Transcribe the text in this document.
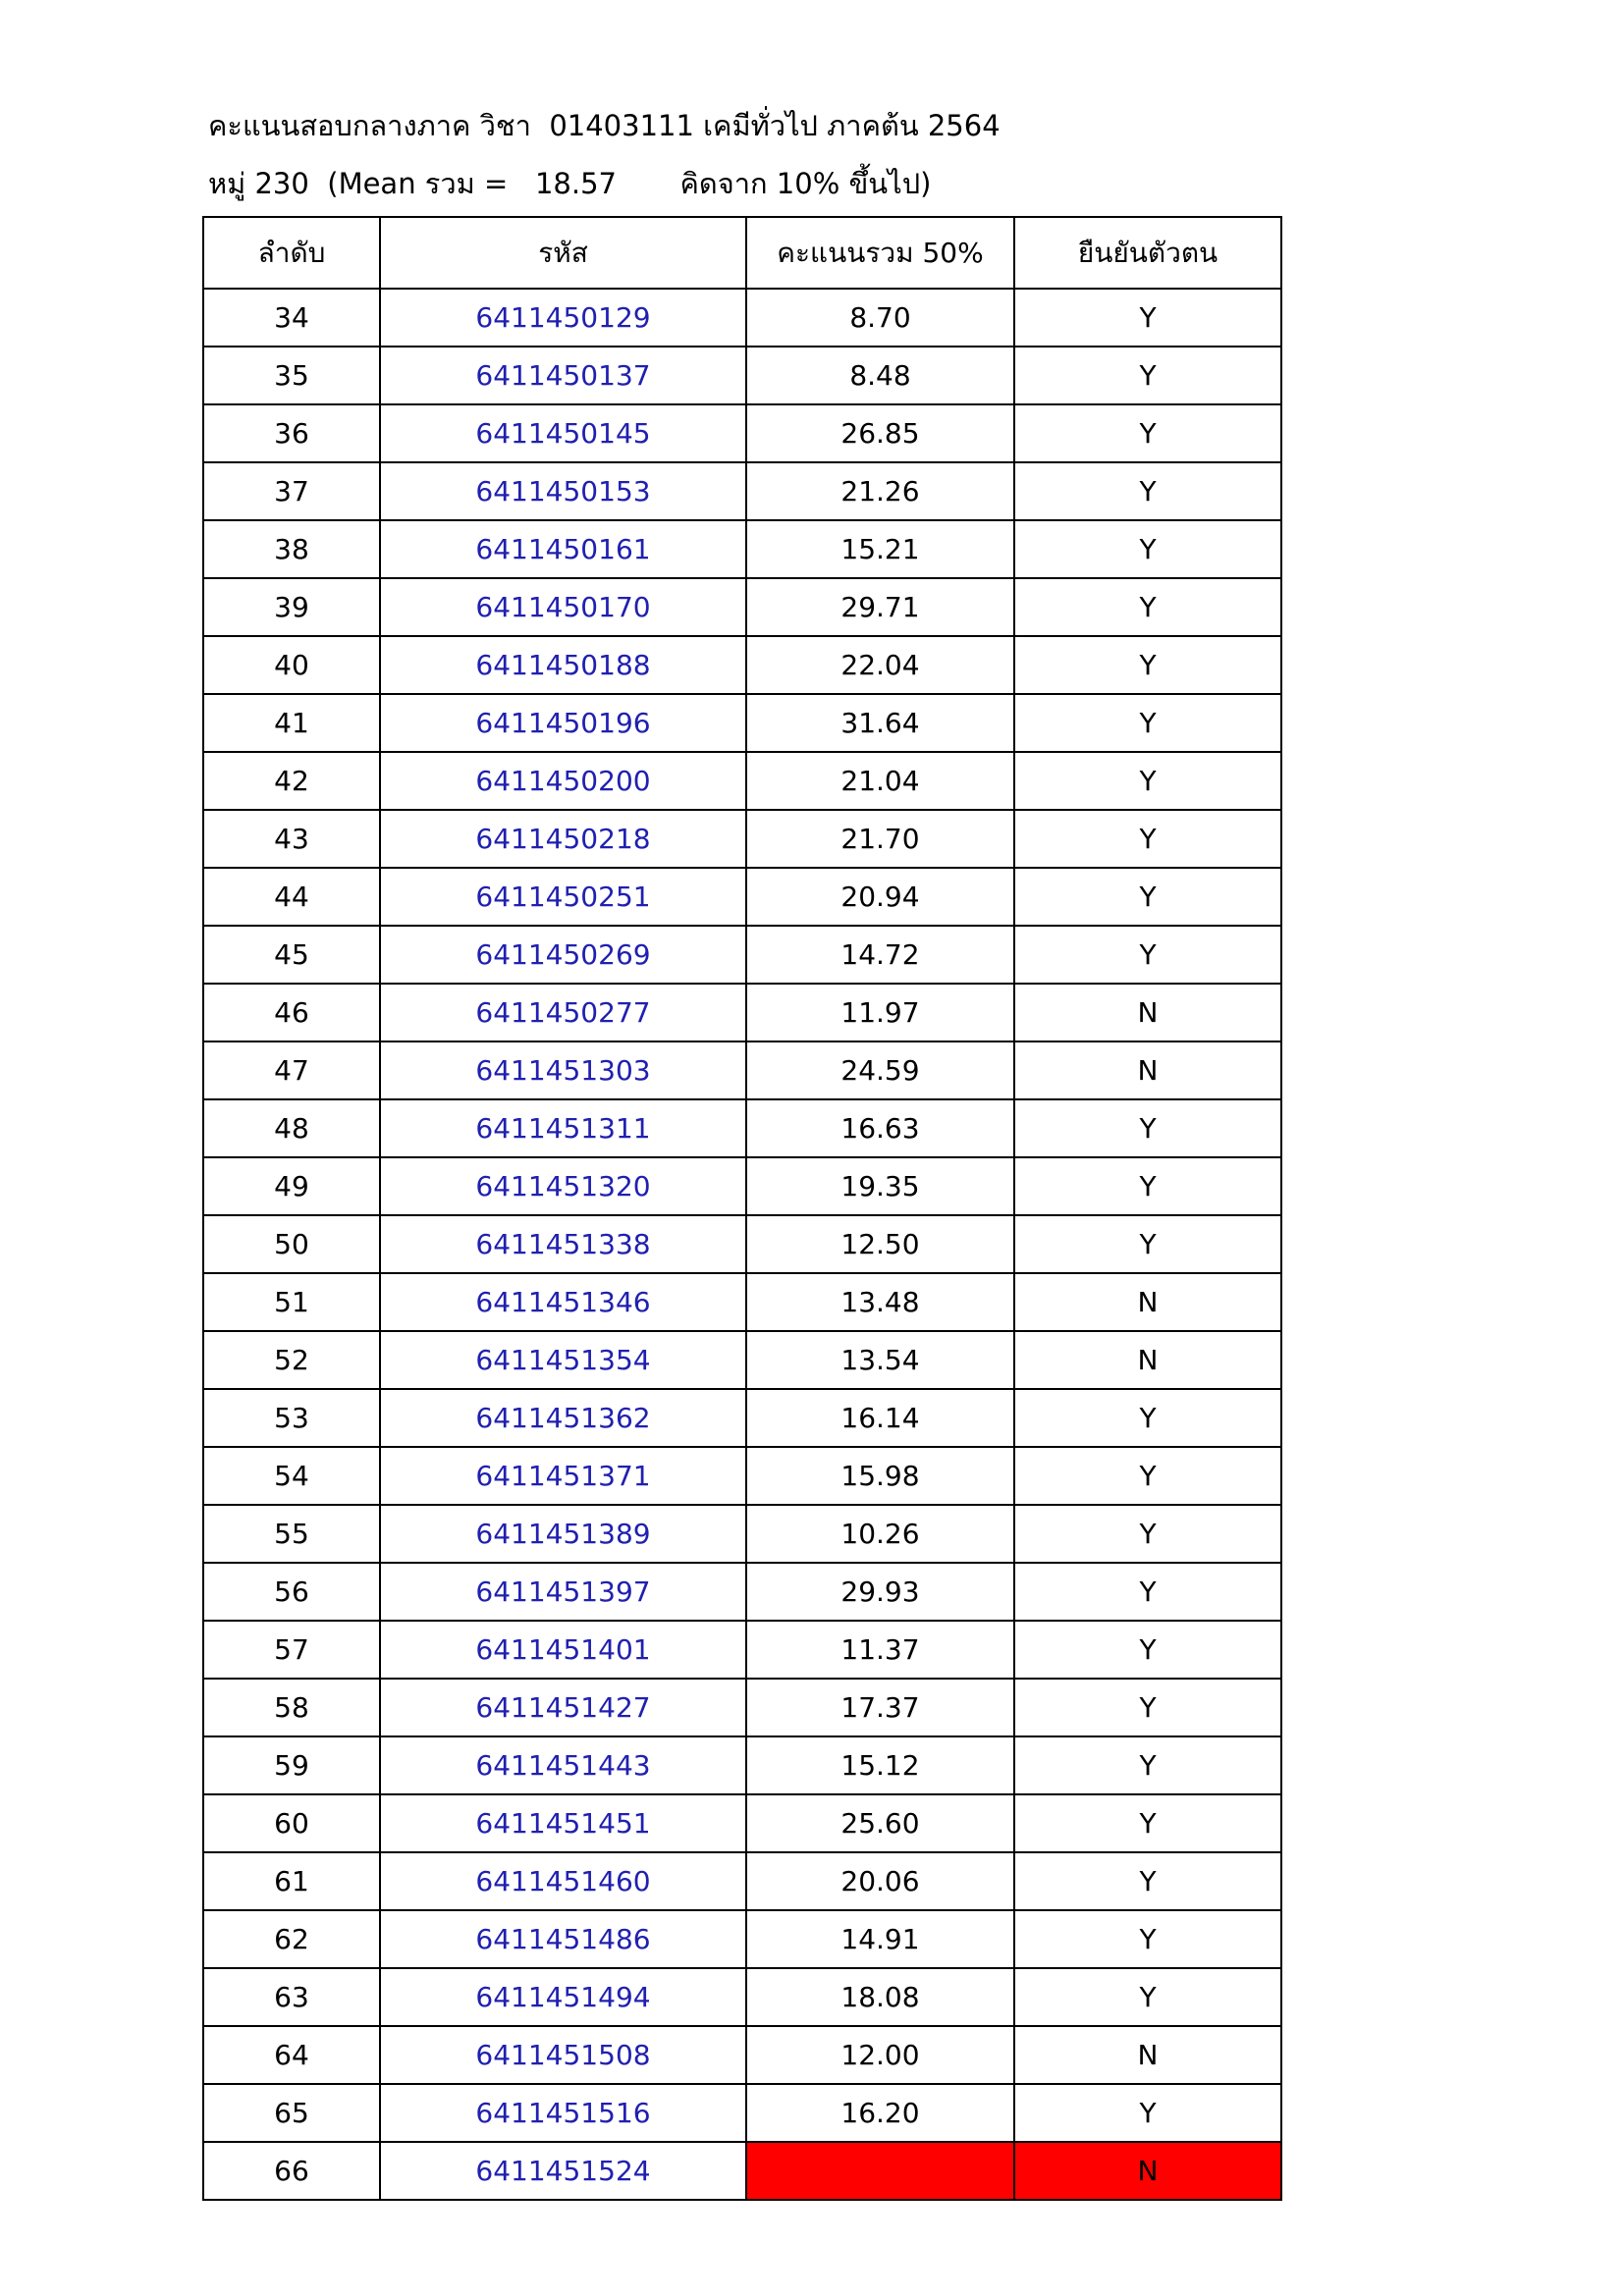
คะแนนสอบกลางภาค วิชา  01403111 เคมีทั่วไป ภาคต้น 2564
หมู่ 230 (Mean รวม = 18.57 คิดจาก 10% ขึ้นไป)
ลำดับ	รหัส	คะแนนรวม 50%	ยืนยันตัวตน
34	6411450129	8.70	Y
35	6411450137	8.48	Y
36	6411450145	26.85	Y
37	6411450153	21.26	Y
38	6411450161	15.21	Y
39	6411450170	29.71	Y
40	6411450188	22.04	Y
41	6411450196	31.64	Y
42	6411450200	21.04	Y
43	6411450218	21.70	Y
44	6411450251	20.94	Y
45	6411450269	14.72	Y
46	6411450277	11.97	N
47	6411451303	24.59	N
48	6411451311	16.63	Y
49	6411451320	19.35	Y
50	6411451338	12.50	Y
51	6411451346	13.48	N
52	6411451354	13.54	N
53	6411451362	16.14	Y
54	6411451371	15.98	Y
55	6411451389	10.26	Y
56	6411451397	29.93	Y
57	6411451401	11.37	Y
58	6411451427	17.37	Y
59	6411451443	15.12	Y
60	6411451451	25.60	Y
61	6411451460	20.06	Y
62	6411451486	14.91	Y
63	6411451494	18.08	Y
64	6411451508	12.00	N
65	6411451516	16.20	Y
66	6411451524		N
